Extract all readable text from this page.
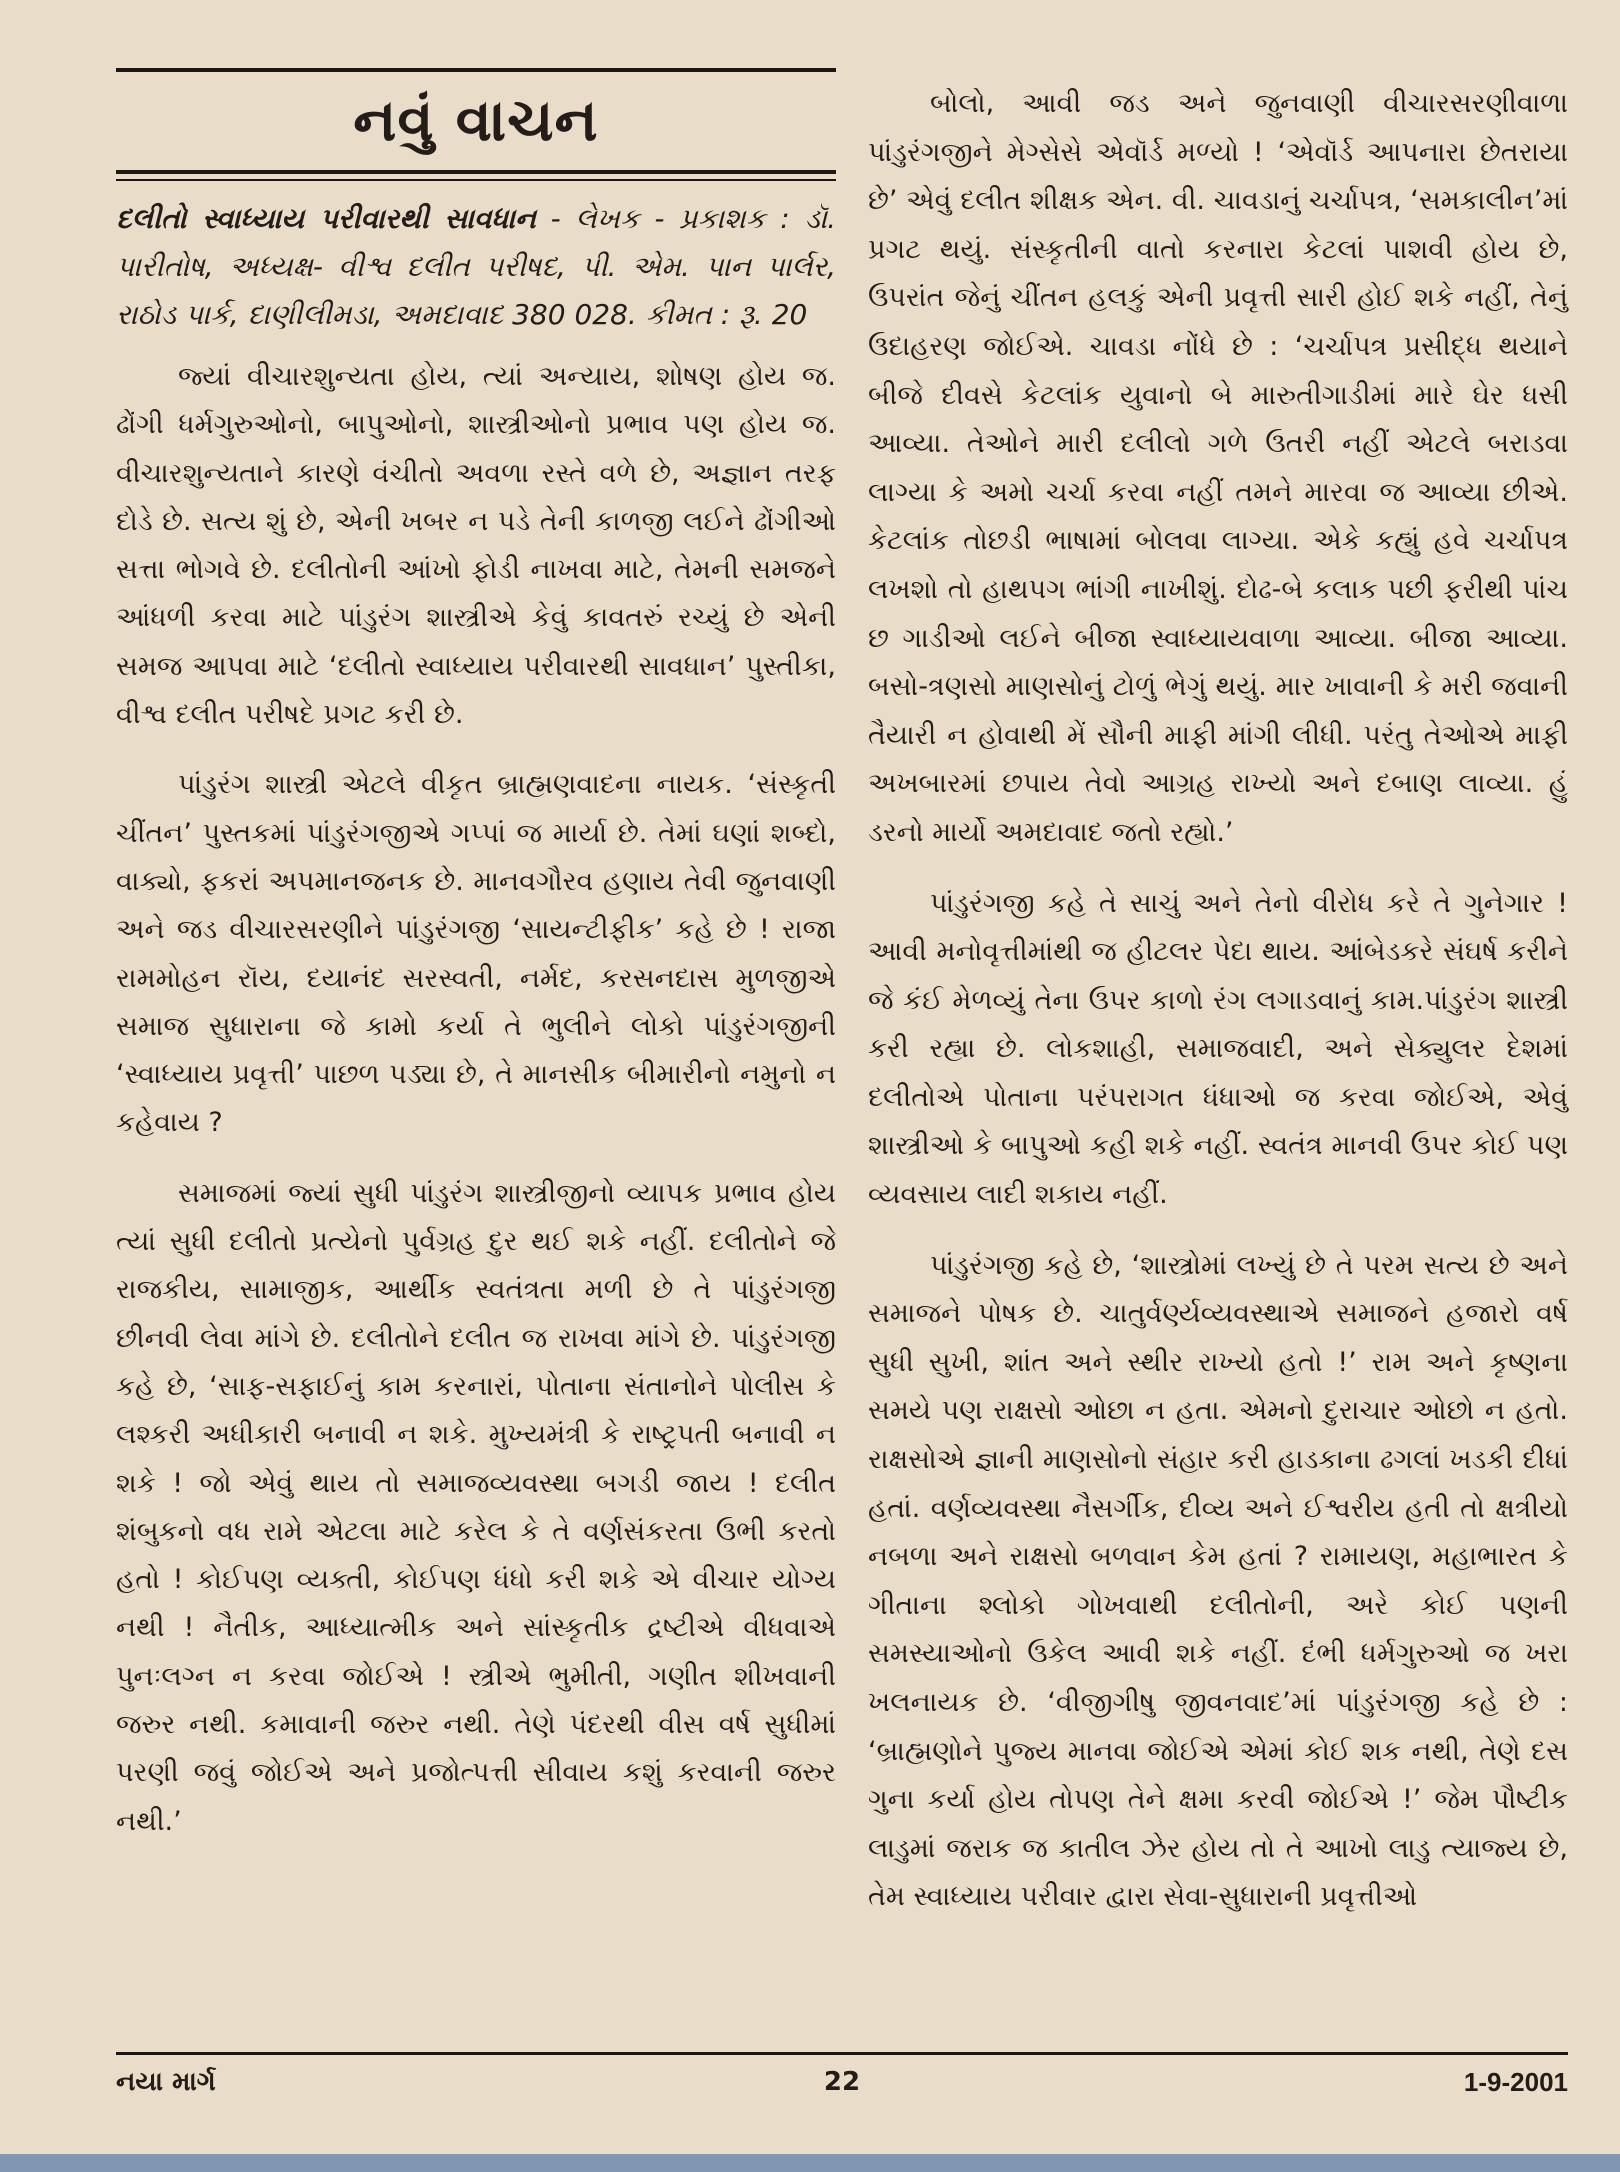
નવું વાચન
દલીતો સ્વાધ્યાય પરીવારથી સાવધાન - લેખક - પ્રકાશક : ડૉ. પારીતોષ, અધ્યક્ષ- વીશ્વ દલીત પરીષદ, પી. એમ. પાન પાર્લર, રાઠોડ પાર્ક, દાણીલીમડા, અમદાવાદ 380 028. કીમત : રૂ. 20

જ્યાં વીચારશુન્યતા હોય, ત્યાં અન્યાય, શોષણ હોય જ. ઢોંગી ધર્મગુરુઓનો, બાપુઓનો, શાસ્ત્રીઓનો પ્રભાવ પણ હોય જ. વીચારશુન્યતાને કારણે વંચીતો અવળા રસ્તે વળે છે, અજ્ઞાન તરફ દોડે છે. સત્ય શું છે, એની ખબર ન પડે તેની કાળજી લઈને ઢોંગીઓ સત્તા ભોગવે છે. દલીતોની આંખો ફોડી નાખવા માટે, તેમની સમજને આંધળી કરવા માટે પાંડુરંગ શાસ્ત્રીએ કેવું કાવતરું રચ્યું છે એની સમજ આપવા માટે ‘દલીતો સ્વાધ્યાય પરીવારથી સાવધાન’ પુસ્તીકા, વીશ્વ દલીત પરીષદે પ્રગટ કરી છે.

પાંડુરંગ શાસ્ત્રી એટલે વીકૃત બ્રાહ્મણવાદના નાયક. ‘સંસ્કૃતી ચીંતન’ પુસ્તકમાં પાંડુરંગજીએ ગપ્પાં જ માર્યા છે. તેમાં ઘણાં શબ્દો, વાક્યો, ફકરાં અપમાનજનક છે. માનવગૌરવ હણાય તેવી જુનવાણી અને જડ વીચારસરણીને પાંડુરંગજી ‘સાયન્ટીફીક’ કહે છે ! રાજા રામમોહન રૉય, દયાનંદ સરસ્વતી, નર્મદ, કરસનદાસ મુળજીએ સમાજ સુધારાના જે કામો કર્યા તે ભુલીને લોકો પાંડુરંગજીની ‘સ્વાધ્યાય પ્રવૃત્તી’ પાછળ પડ્યા છે, તે માનસીક બીમારીનો નમુનો ન કહેવાય ?

સમાજમાં જ્યાં સુધી પાંડુરંગ શાસ્ત્રીજીનો વ્યાપક પ્રભાવ હોય ત્યાં સુધી દલીતો પ્રત્યેનો પુર્વગ્રહ દુર થઈ શકે નહીં. દલીતોને જે રાજકીય, સામાજીક, આર્થીક સ્વતંત્રતા મળી છે તે પાંડુરંગજી છીનવી લેવા માંગે છે. દલીતોને દલીત જ રાખવા માંગે છે. પાંડુરંગજી કહે છે, ‘સાફ-સફાઈનું કામ કરનારાં, પોતાના સંતાનોને પોલીસ કે લશ્કરી અધીકારી બનાવી ન શકે. મુખ્યમંત્રી કે રાષ્ટ્રપતી બનાવી ન શકે ! જો એવું થાય તો સમાજવ્યવસ્થા બગડી જાય ! દલીત શંબુકનો વધ રામે એટલા માટે કરેલ કે તે વર્ણસંકરતા ઉભી કરતો હતો ! કોઈપણ વ્યક્તી, કોઈપણ ધંધો કરી શકે એ વીચાર યોગ્ય નથી ! નૈતીક, આધ્યાત્મીક અને સાંસ્કૃતીક દ્રષ્ટીએ વીધવાએ પુનઃલગ્ન ન કરવા જોઈએ ! સ્ત્રીએ ભુમીતી, ગણીત શીખવાની જરુર નથી. કમાવાની જરુર નથી. તેણે પંદરથી વીસ વર્ષ સુધીમાં પરણી જવું જોઈએ અને પ્રજોત્પત્તી સીવાય કશું કરવાની જરુર નથી.’

બોલો, આવી જડ અને જુનવાણી વીચારસરણીવાળા પાંડુરંગજીને મેગ્સેસે એવૉર્ડ મળ્યો ! ‘એવૉર્ડ આપનારા છેતરાયા છે’ એવું દલીત શીક્ષક એન. વી. ચાવડાનું ચર્ચાપત્ર, ‘સમકાલીન’માં પ્રગટ થયું. સંસ્કૃતીની વાતો કરનારા કેટલાં પાશવી હોય છે, ઉપરાંત જેનું ચીંતન હલકું એની પ્રવૃત્તી સારી હોઈ શકે નહીં, તેનું ઉદાહરણ જોઈએ. ચાવડા નોંધે છે : ‘ચર્ચાપત્ર પ્રસીદ્ધ થયાને બીજે દીવસે કેટલાંક યુવાનો બે મારુતીગાડીમાં મારે ઘેર ધસી આવ્યા. તેઓને મારી દલીલો ગળે ઉતરી નહીં એટલે બરાડવા લાગ્યા કે અમો ચર્ચા કરવા નહીં તમને મારવા જ આવ્યા છીએ. કેટલાંક તોછડી ભાષામાં બોલવા લાગ્યા. એકે કહ્યું હવે ચર્ચાપત્ર લખશો તો હાથપગ ભાંગી નાખીશું. દોઢ-બે કલાક પછી ફરીથી પાંચ છ ગાડીઓ લઈને બીજા સ્વાધ્યાયવાળા આવ્યા. બીજા આવ્યા. બસો-ત્રણસો માણસોનું ટોળું ભેગું થયું. માર ખાવાની કે મરી જવાની તૈયારી ન હોવાથી મેં સૌની માફી માંગી લીધી. પરંતુ તેઓએ માફી અખબારમાં છપાય તેવો આગ્રહ રાખ્યો અને દબાણ લાવ્યા. હું ડરનો માર્યો અમદાવાદ જતો રહ્યો.’

પાંડુરંગજી કહે તે સાચું અને તેનો વીરોધ કરે તે ગુનેગાર ! આવી મનોવૃત્તીમાંથી જ હીટલર પેદા થાય. આંબેડકરે સંઘર્ષ કરીને જે કંઈ મેળવ્યું તેના ઉપર કાળો રંગ લગાડવાનું કામ.પાંડુરંગ શાસ્ત્રી કરી રહ્યા છે. લોકશાહી, સમાજવાદી, અને સેક્યુલર દેશમાં દલીતોએ પોતાના પરંપરાગત ધંધાઓ જ કરવા જોઈએ, એવું શાસ્ત્રીઓ કે બાપુઓ કહી શકે નહીં. સ્વતંત્ર માનવી ઉપર કોઈ પણ વ્યવસાય લાદી શકાય નહીં.

પાંડુરંગજી કહે છે, ‘શાસ્ત્રોમાં લખ્યું છે તે પરમ સત્ય છે અને સમાજને પોષક છે. ચાતુર્વર્ણ્યવ્યવસ્થાએ સમાજને હજારો વર્ષ સુધી સુખી, શાંત અને સ્થીર રાખ્યો હતો !’ રામ અને કૃષ્ણના સમયે પણ રાક્ષસો ઓછા ન હતા. એમનો દુરાચાર ઓછો ન હતો. રાક્ષસોએ જ્ઞાની માણસોનો સંહાર કરી હાડકાના ઢગલાં ખડકી દીધાં હતાં. વર્ણવ્યવસ્થા નૈસર્ગીક, દીવ્ય અને ઈશ્વરીય હતી તો ક્ષત્રીયો નબળા અને રાક્ષસો બળવાન કેમ હતાં ? રામાયણ, મહાભારત કે ગીતાના શ્લોકો ગોખવાથી દલીતોની, અરે કોઈ પણની સમસ્યાઓનો ઉકેલ આવી શકે નહીં. દંભી ધર્મગુરુઓ જ ખરા ખલનાયક છે. ‘વીજીગીષુ જીવનવાદ’માં પાંડુરંગજી કહે છે : ‘બ્રાહ્મણોને પુજ્ય માનવા જોઈએ એમાં કોઈ શક નથી, તેણે દસ ગુના કર્યા હોય તોપણ તેને ક્ષમા કરવી જોઈએ !’ જેમ પૌષ્ટીક લાડુમાં જરાક જ કાતીલ ઝેર હોય તો તે આખો લાડુ ત્યાજ્ય છે, તેમ સ્વાધ્યાય પરીવાર દ્વારા સેવા-સુધારાની પ્રવૃત્તીઓ

નયા માર્ગ	22	1-9-2001
